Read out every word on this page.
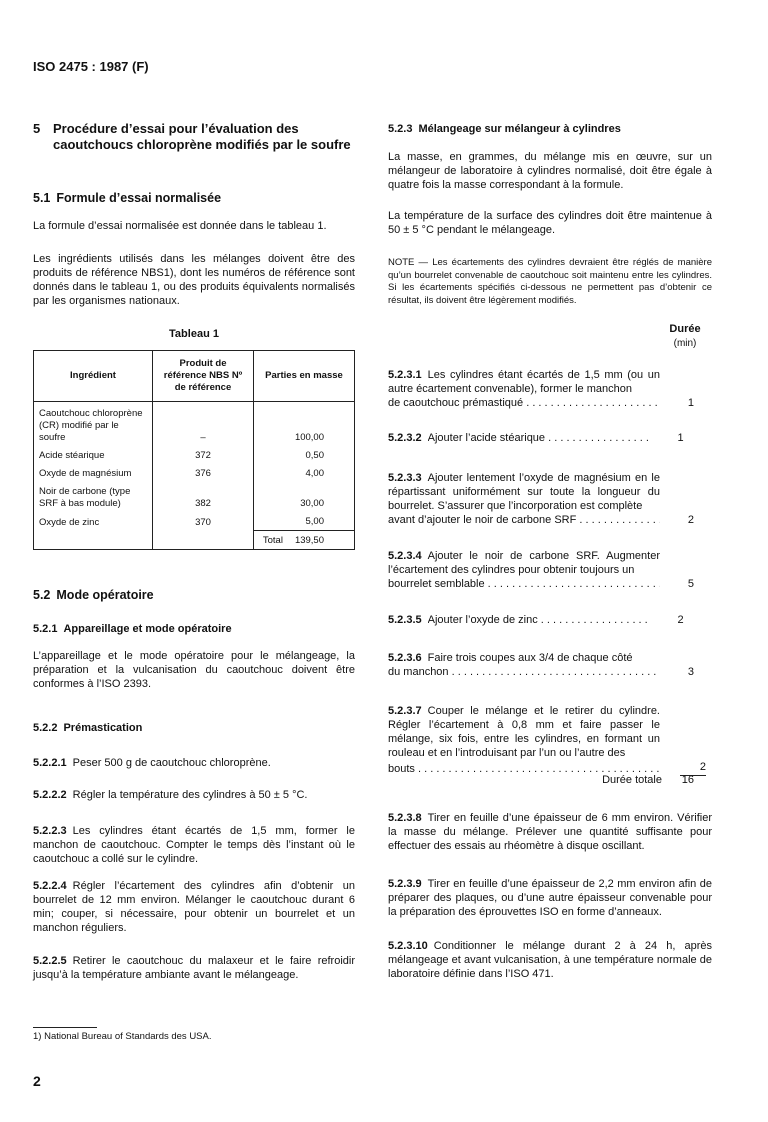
ISO 2475 : 1987 (F)
5 Procédure d’essai pour l’évaluation des caoutchoucs chloroprène modifiés par le soufre
5.1 Formule d’essai normalisée

La formule d’essai normalisée est donnée dans le tableau 1.

Les ingrédients utilisés dans les mélanges doivent être des produits de référence NBS1), dont les numéros de référence sont donnés dans le tableau 1, ou des produits équivalents normalisés par les organismes nationaux.

Tableau 1
Ingrédient	Produit de référence NBS Nº de référence	Parties en masse
Caoutchouc chloroprène (CR) modifié par le soufre	–	100,00
Acide stéarique	372	0,50
Oxyde de magnésium	376	4,00
Noir de carbone (type SRF à bas module)	382	30,00
Oxyde de zinc	370	5,00
		Total 139,50
5.2 Mode opératoire
5.2.1 Appareillage et mode opératoire

L’appareillage et le mode opératoire pour le mélangeage, la préparation et la vulcanisation du caoutchouc doivent être conformes à l’ISO 2393.

5.2.2 Prémastication

5.2.2.1 Peser 500 g de caoutchouc chloroprène.

5.2.2.2 Régler la température des cylindres à 50 ± 5 °C.

5.2.2.3 Les cylindres étant écartés de 1,5 mm, former le manchon de caoutchouc. Compter le temps dès l’instant où le caoutchouc a collé sur le cylindre.

5.2.2.4 Régler l’écartement des cylindres afin d’obtenir un bourrelet de 12 mm environ. Mélanger le caoutchouc durant 6 min; couper, si nécessaire, pour obtenir un bourrelet et un manchon réguliers.

5.2.2.5 Retirer le caoutchouc du malaxeur et le faire refroidir jusqu’à la température ambiante avant le mélangeage.

1) National Bureau of Standards des USA.
2
5.2.3 Mélangeage sur mélangeur à cylindres

La masse, en grammes, du mélange mis en œuvre, sur un mélangeur de laboratoire à cylindres normalisé, doit être égale à quatre fois la masse correspondant à la formule.

La température de la surface des cylindres doit être maintenue à 50 ± 5 °C pendant le mélangeage.

NOTE — Les écartements des cylindres devraient être réglés de manière qu’un bourrelet convenable de caoutchouc soit maintenu entre les cylindres. Si les écartements spécifiés ci-dessous ne permettent pas d’obtenir ce résultat, ils doivent être légèrement modifiés.

Durée
(min)
5.2.3.1 Les cylindres étant écartés de 1,5 mm (ou un autre écartement convenable), former le manchon
de caoutchouc prémastiqué . . .	1
5.2.3.2 Ajouter l’acide stéarique . . .	1
5.2.3.3 Ajouter lentement l’oxyde de magnésium en le répartissant uniformément sur toute la longueur du bourrelet. S’assurer que l’incorporation est complète
avant d’ajouter le noir de carbone SRF . . .	2
5.2.3.4 Ajouter le noir de carbone SRF. Augmenter l’écartement des cylindres pour obtenir toujours un
bourrelet semblable . . .	5
5.2.3.5 Ajouter l’oxyde de zinc . . .	2
5.2.3.6 Faire trois coupes aux 3/4 de chaque côté
du manchon . . .	3
5.2.3.7 Couper le mélange et le retirer du cylindre. Régler l’écartement à 0,8 mm et faire passer le mélange, six fois, entre les cylindres, en formant un rouleau et en l’introduisant par l’un ou l’autre des
bouts . . .	2
Durée totale	16

5.2.3.8 Tirer en feuille d’une épaisseur de 6 mm environ. Vérifier la masse du mélange. Prélever une quantité suffisante pour effectuer des essais au rhéomètre à disque oscillant.

5.2.3.9 Tirer en feuille d’une épaisseur de 2,2 mm environ afin de préparer des plaques, ou d’une autre épaisseur convenable pour la préparation des éprouvettes ISO en forme d’anneaux.

5.2.3.10 Conditionner le mélange durant 2 à 24 h, après mélangeage et avant vulcanisation, à une température normale de laboratoire définie dans l’ISO 471.
